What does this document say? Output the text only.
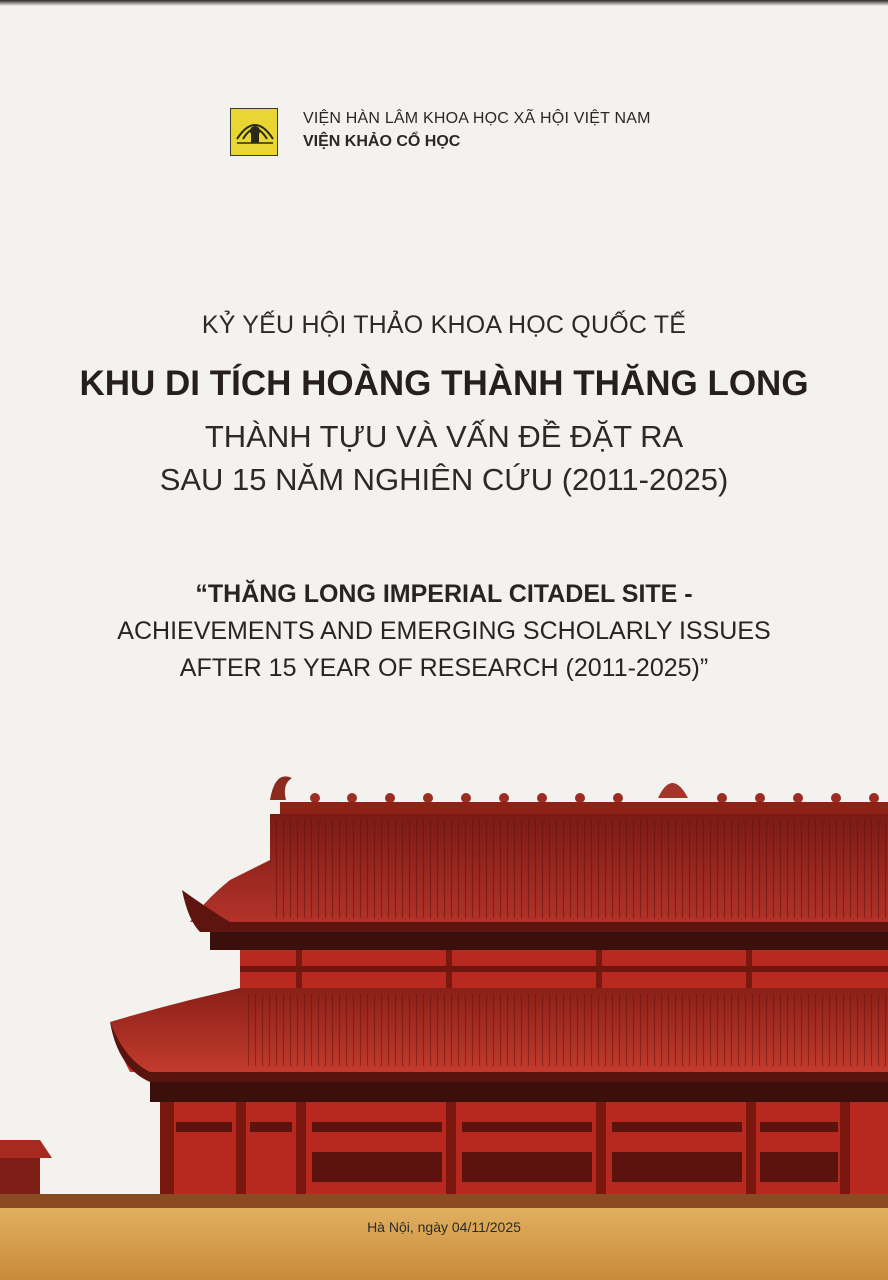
VIỆN HÀN LÂM KHOA HỌC XÃ HỘI VIỆT NAM
VIỆN KHẢO CỔ HỌC
KỶ YẾU HỘI THẢO KHOA HỌC QUỐC TẾ
KHU DI TÍCH HOÀNG THÀNH THĂNG LONG
THÀNH TỰU VÀ VẤN ĐỀ ĐẶT RA
SAU 15 NĂM NGHIÊN CỨU (2011-2025)
“THĂNG LONG IMPERIAL CITADEL SITE -
ACHIEVEMENTS AND EMERGING SCHOLARLY ISSUES
AFTER 15 YEAR OF RESEARCH (2011-2025)”
Hà Nội, ngày 04/11/2025
